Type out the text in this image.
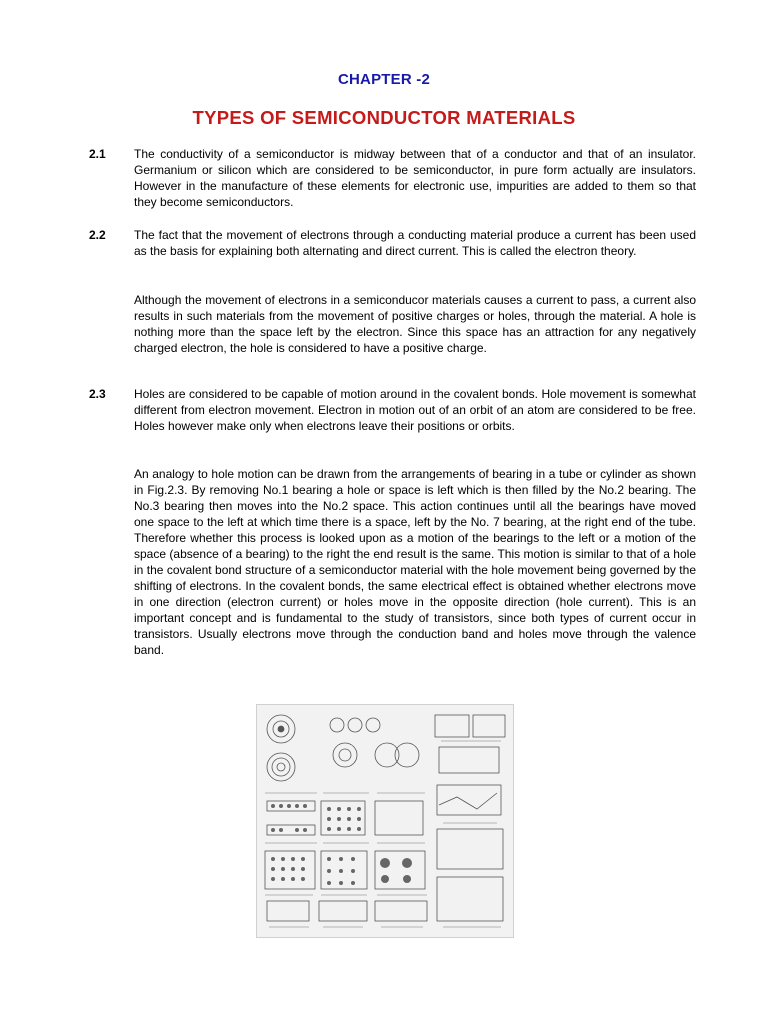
CHAPTER -2
TYPES OF SEMICONDUCTOR MATERIALS
2.1 The conductivity of a semiconductor is midway between that of a conductor and that of an insulator. Germanium or silicon which are considered to be semiconductor, in pure form actually are insulators. However in the manufacture of these elements for electronic use, impurities are added to them so that they become semiconductors.

2.2 The fact that the movement of electrons through a conducting material produce a current has been used as the basis for explaining both alternating and direct current. This is called the electron theory.

Although the movement of electrons in a semiconducor materials causes a current to pass, a current also results in such materials from the movement of positive charges or holes, through the material. A hole is nothing more than the space left by the electron. Since this space has an attraction for any negatively charged electron, the hole is considered to have a positive charge.

2.3 Holes are considered to be capable of motion around in the covalent bonds. Hole movement is somewhat different from electron movement. Electron in motion out of an orbit of an atom are considered to be free. Holes however make only when electrons leave their positions or orbits.

An analogy to hole motion can be drawn from the arrangements of bearing in a tube or cylinder as shown in Fig.2.3. By removing No.1 bearing a hole or space is left which is then filled by the No.2 bearing. The No.3 bearing then moves into the No.2 space. This action continues until all the bearings have moved one space to the left at which time there is a space, left by the No. 7 bearing, at the right end of the tube. Therefore whether this process is looked upon as a motion of the bearings to the left or a motion of the space (absence of a bearing) to the right the end result is the same. This motion is similar to that of a hole in the covalent bond structure of a semiconductor material with the hole movement being governed by the shifting of electrons. In the covalent bonds, the same electrical effect is obtained whether electrons move in one direction (electron current) or holes move in the opposite direction (hole current). This is an important concept and is fundamental to the study of transistors, since both types of current occur in transistors. Usually electrons move through the conduction band and holes move through the valence band.
